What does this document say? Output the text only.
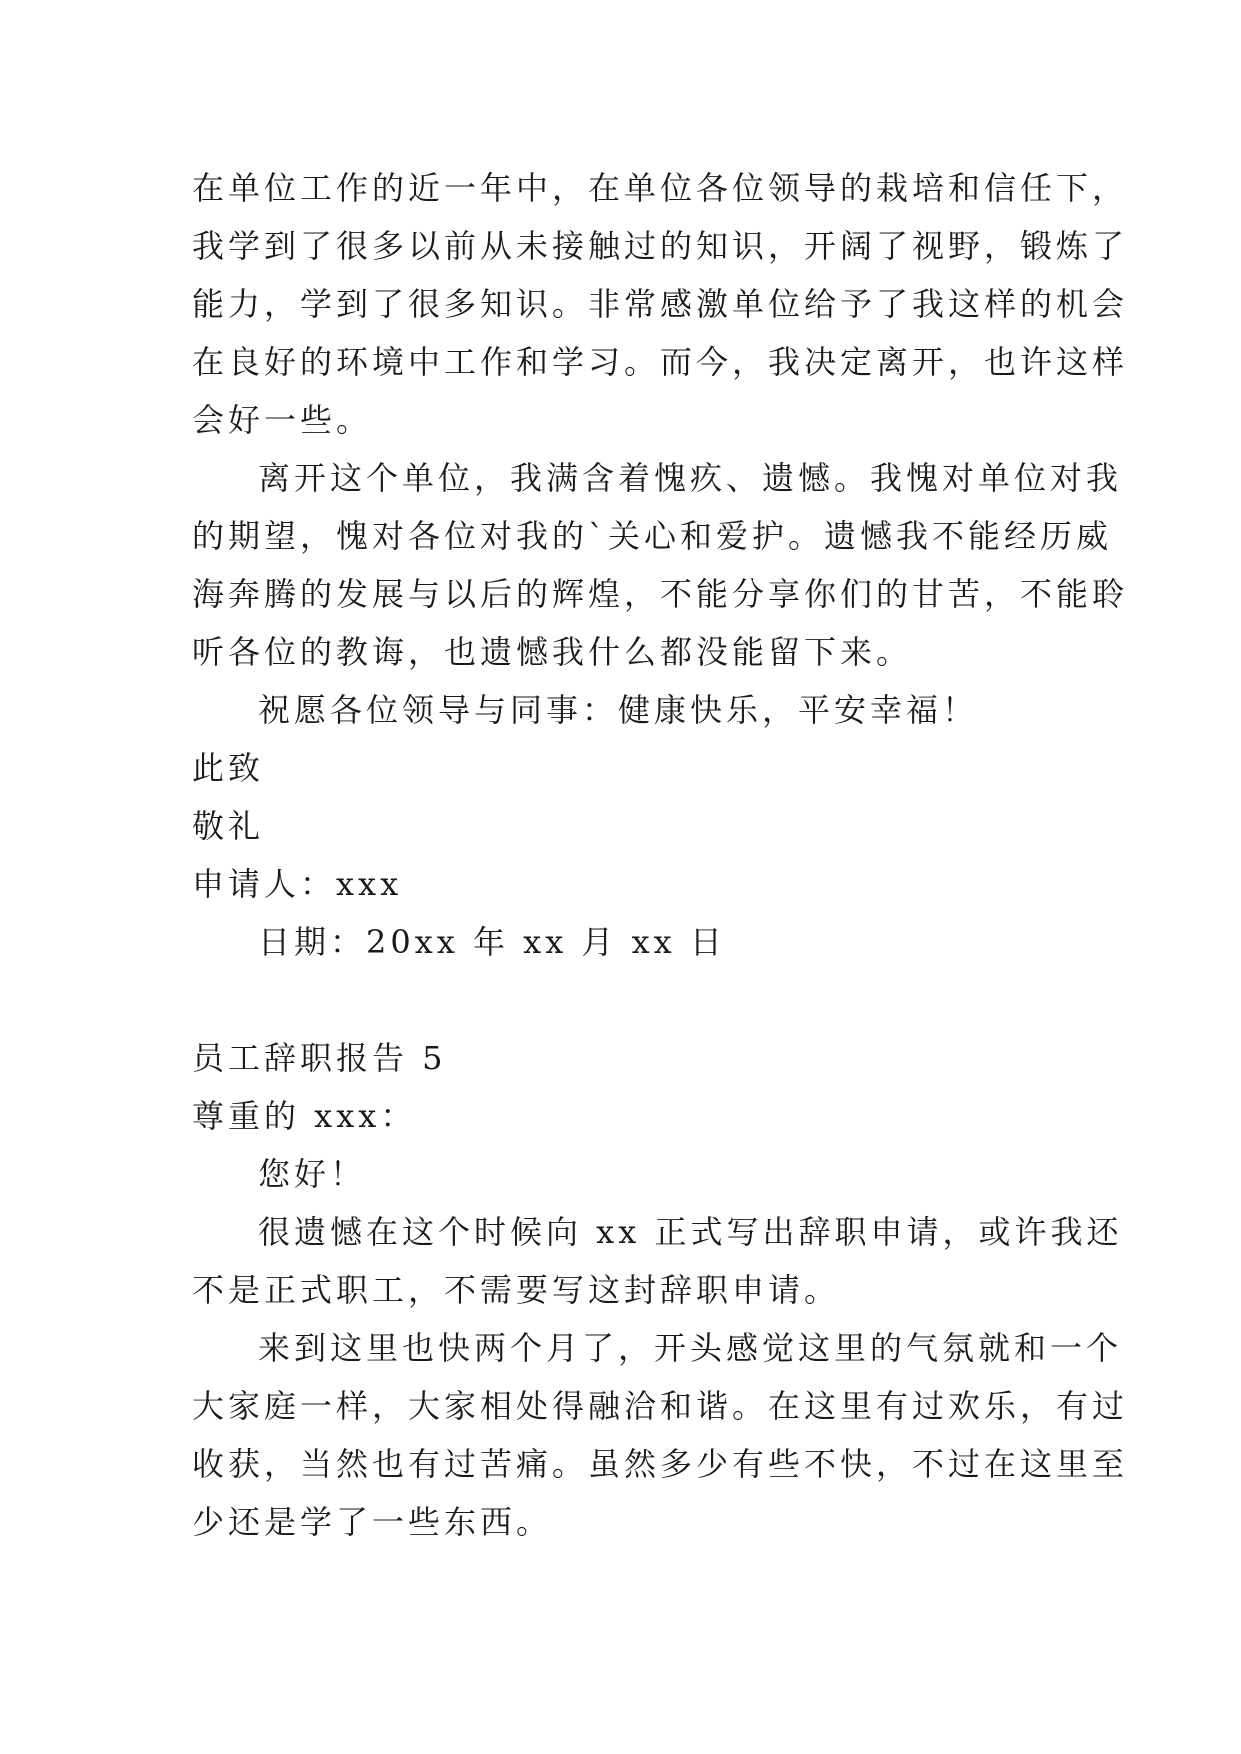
在单位工作的近一年中，在单位各位领导的栽培和信任下，
我学到了很多以前从未接触过的知识，开阔了视野，锻炼了
能力，学到了很多知识。非常感激单位给予了我这样的机会
在良好的环境中工作和学习。而今，我决定离开，也许这样
会好一些。
离开这个单位，我满含着愧疚、遗憾。我愧对单位对我
的期望，愧对各位对我的`关心和爱护。遗憾我不能经历威
海奔腾的发展与以后的辉煌，不能分享你们的甘苦，不能聆
听各位的教诲，也遗憾我什么都没能留下来。
祝愿各位领导与同事：健康快乐，平安幸福！
此致
敬礼
申请人：xxx
日期：20xx 年 xx 月 xx 日
员工辞职报告 5
尊重的 xxx：
您好！
很遗憾在这个时候向 xx 正式写出辞职申请，或许我还
不是正式职工，不需要写这封辞职申请。
来到这里也快两个月了，开头感觉这里的气氛就和一个
大家庭一样，大家相处得融洽和谐。在这里有过欢乐，有过
收获，当然也有过苦痛。虽然多少有些不快，不过在这里至
少还是学了一些东西。
